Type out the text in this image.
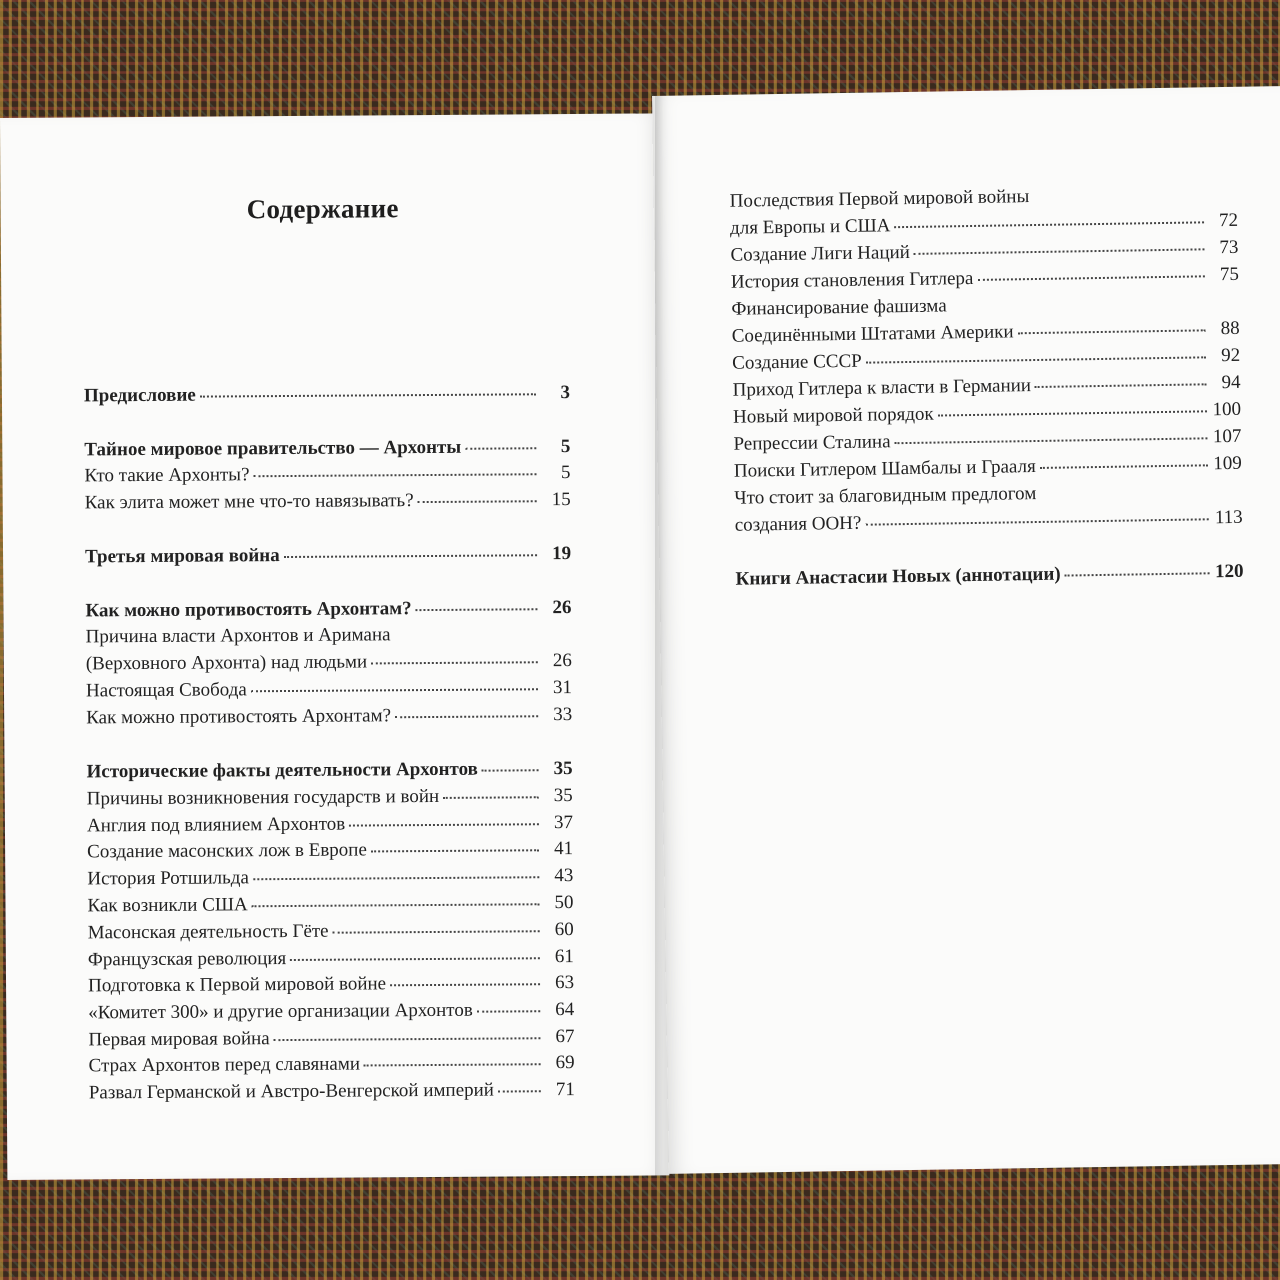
Содержание
Предисловие	3
Тайное мировое правительство — Архонты	5
Кто такие Архонты?	5
Как элита может мне что-то навязывать?	15
Третья мировая война	19
Как можно противостоять Архонтам?	26
Причина власти Архонтов и Аримана
(Верховного Архонта) над людьми	26
Настоящая Свобода	31
Как можно противостоять Архонтам?	33
Исторические факты деятельности Архонтов	35
Причины возникновения государств и войн	35
Англия под влиянием Архонтов	37
Создание масонских лож в Европе	41
История Ротшильда	43
Как возникли США	50
Масонская деятельность Гёте	60
Французская революция	61
Подготовка к Первой мировой войне	63
«Комитет 300» и другие организации Архонтов	64
Первая мировая война	67
Страх Архонтов перед славянами	69
Развал Германской и Австро-Венгерской империй	71
Последствия Первой мировой войны
для Европы и США	72
Создание Лиги Наций	73
История становления Гитлера	75
Финансирование фашизма
Соединёнными Штатами Америки	88
Создание СССР	92
Приход Гитлера к власти в Германии	94
Новый мировой порядок	100
Репрессии Сталина	107
Поиски Гитлером Шамбалы и Грааля	109
Что стоит за благовидным предлогом
создания ООН?	113
Книги Анастасии Новых (аннотации)	120
